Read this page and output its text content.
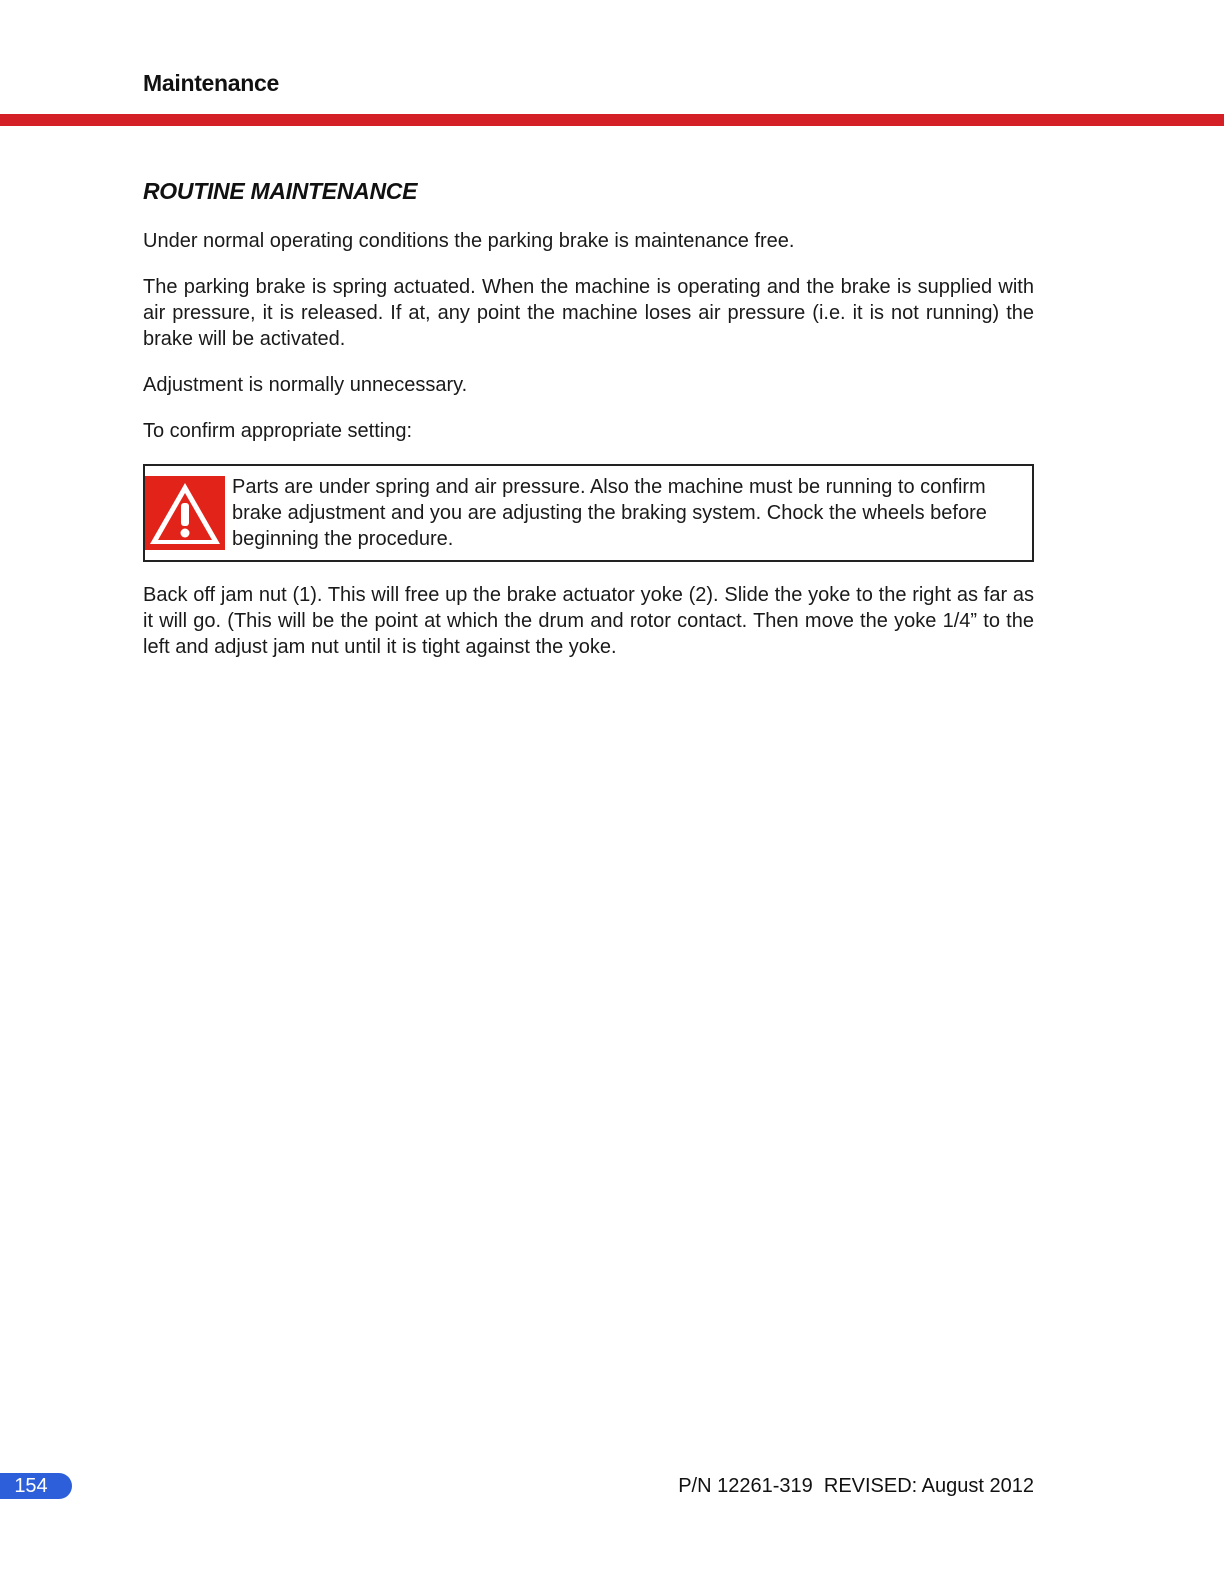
Maintenance
ROUTINE MAINTENANCE

Under normal operating conditions the parking brake is maintenance free.

The parking brake is spring actuated. When the machine is operating and the brake is supplied with air pressure, it is released. If at, any point the machine loses air pressure (i.e. it is not running) the brake will be activated.

Adjustment is normally unnecessary.

To confirm appropriate setting:

Parts are under spring and air pressure. Also the machine must be running to confirm brake adjustment and you are adjusting the braking system. Chock the wheels before beginning the procedure.

Back off jam nut (1). This will free up the brake actuator yoke (2). Slide the yoke to the right as far as it will go. (This will be the point at which the drum and rotor contact. Then move the yoke 1/4” to the left and adjust jam nut until it is tight against the yoke.

154	P/N 12261-319  REVISED: August 2012
